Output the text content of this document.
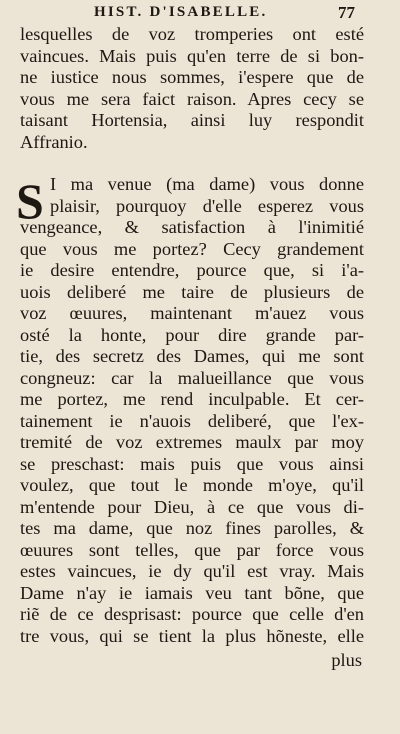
HIST. D'ISABELLE.	77
lesquelles de voz tromperies ont esté
vaincues. Mais puis qu'en terre de si bon-
ne iustice nous sommes, i'espere que de
vous me sera faict raison. Apres cecy se
taisant Hortensia, ainsi luy respondit
Affranio.
S I ma venue (ma dame) vous donne
plaisir, pourquoy d'elle esperez vous
vengeance, & satisfaction à l'inimitié
que vous me portez? Cecy grandement
ie desire entendre, pource que, si i'a-
uois deliberé me taire de plusieurs de
voz œuures, maintenant m'auez vous
osté la honte, pour dire grande par-
tie, des secretz des Dames, qui me sont
congneuz: car la malueillance que vous
me portez, me rend inculpable. Et cer-
tainement ie n'auois deliberé, que l'ex-
tremité de voz extremes maulx par moy
se preschast: mais puis que vous ainsi
voulez, que tout le monde m'oye, qu'il
m'entende pour Dieu, à ce que vous di-
tes ma dame, que noz fines parolles, &
œuures sont telles, que par force vous
estes vaincues, ie dy qu'il est vray. Mais
Dame n'ay ie iamais veu tant bõne, que
riẽ de ce desprisast: pource que celle d'en
tre vous, qui se tient la plus hõneste, elle
plus
